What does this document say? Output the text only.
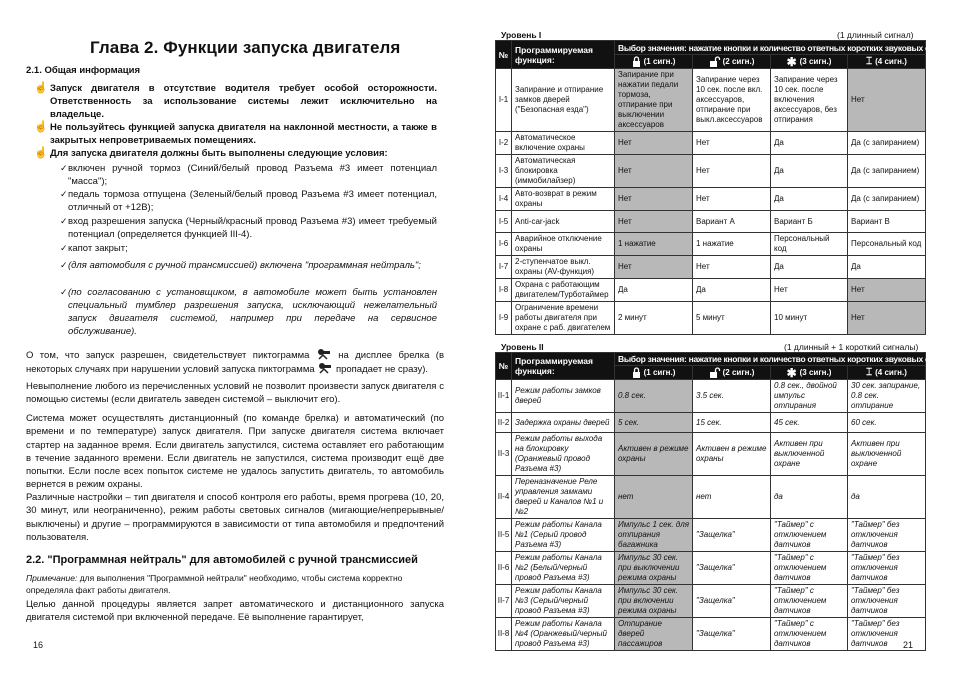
Глава 2. Функции запуска двигателя
2.1. Общая информация
☝ Запуск двигателя в отсутствие водителя требует особой осторожности. Ответственность за использование системы лежит исключительно на владельце.
☝ Не пользуйтесь функцией запуска двигателя на наклонной местности, а также в закрытых непроветриваемых помещениях.
☝ Для запуска двигателя должны быть выполнены следующие условия:
✓ включен ручной тормоз (Синий/белый провод Разъема #3 имеет потенциал "масса");
✓ педаль тормоза отпущена (Зеленый/белый провод Разъема #3 имеет потенциал, отличный от +12В);
✓ вход разрешения запуска (Черный/красный провод Разъема #3) имеет требуемый потенциал (определяется функцией III-4).
✓ капот закрыт;
✓ (для автомобиля с ручной трансмиссией) включена "программная нейтраль";
✓ (по согласованию с установщиком, в автомобиле может быть установлен специальный тумблер разрешения запуска, исключающий нежелательный запуск двигателя системой, например при передаче на сервисное обслуживание).
О том, что запуск разрешен, свидетельствует пиктограмма	на дисплее брелка (в некоторых случаях при нарушении условий запуска пиктограмма пропадает не сразу).
Невыполнение любого из перечисленных условий не позволит произвести запуск двигателя с помощью системы (если двигатель заведен системой – выключит его).
Система может осуществлять дистанционный (по команде брелка) и автоматический (по времени и по температуре) запуск двигателя. При запуске двигателя система включает стартер на заданное время. Если двигатель запустился, система оставляет его работающим в течение заданного времени. Если двигатель не запустился, система производит ещё две попытки. Если после всех попыток системе не удалось запустить двигатель, то автомобиль вернется в режим охраны.
Различные настройки – тип двигателя и способ контроля его работы, время прогрева (10, 20, 30 минут, или неограниченно), режим работы световых сигналов (мигающие/непрерывные/выключены) и другие – программируются в зависимости от типа автомобиля и предпочтений пользователя.
2.2. "Программная нейтраль" для автомобилей с ручной трансмиссией
Примечание: для выполнения "Программной нейтрали" необходимо, чтобы система корректно определяла факт работы двигателя.
Целью данной процедуры является запрет автоматического и дистанционного запуска двигателя системой при включенной передаче. Её выполнение гарантирует,
16
Уровень I	(1 длинный сигнал)
№	Программируемая функция:	Выбор значения: нажатие кнопки и количество ответных коротких звуковых сигналов			

		(1 сигн.)	(2 сигн.)	✱ (3 сигн.)	⌶ (4 сигн.)

I-1	Запирание и отпирание замков дверей ("Безопасная езда")	Запирание при нажатии педали тормоза, отпирание при выключении аксессуаров	Запирание через 10 сек. после вкл. аксессуаров, отпирание при выкл.аксессуаров	Запирание через 10 сек. после включения аксессуаров, без отпирания	Нет
I-2	Автоматическое включение охраны	Нет	Нет	Да	Да (с запиранием)
I-3	Автоматическая блокировка (иммобилайзер)	Нет	Нет	Да	Да (с запиранием)
I-4	Авто-возврат в режим охраны	Нет	Нет	Да	Да (с запиранием)
I-5	Anti-car-jack	Нет	Вариант А	Вариант Б	Вариант В
I-6	Аварийное отключение охраны	1 нажатие	1 нажатие	Персональный код	Персональный код
I-7	2-ступенчатое выкл. охраны (AV-функция)	Нет	Нет	Да	Да
I-8	Охрана с работающим двигателем/Турботаймер	Да	Да	Нет	Нет
I-9	Ограничение времени работы двигателя при охране с раб. двигателем	2 минут	5 минут	10 минут	Нет
Уровень II	(1 длинный + 1 короткий сигналы)
№	Программируемая функция:	Выбор значения: нажатие кнопки и количество ответных коротких звуковых сигналов			

		(1 сигн.)	(2 сигн.)	✱ (3 сигн.)	⌶ (4 сигн.)

II-1	Режим работы замков дверей	0.8 сек.	3.5 сек.	0.8 сек., двойной импульс отпирания	30 сек. запирание, 0.8 сек. отпирание
II-2	Задержка охраны дверей	5 сек.	15 сек.	45 сек.	60 сек.
II-3	Режим работы выхода на блокировку (Оранжевый провод Разъема #3)	Активен в режиме охраны	Активен в режиме охраны	Активен при выключенной охране	Активен при выключенной охране
II-4	Переназначение Реле управления замками дверей и Каналов №1 и №2	нет	нет	да	да
II-5	Режим работы Канала №1 (Серый провод Разъема #3)	Импульс 1 сек. для отпирания багажника	"Защелка"	"Таймер" с отключением датчиков	"Таймер" без отключения датчиков
II-6	Режим работы Канала №2 (Белый/черный провод Разъема #3)	Импульс 30 сек. при выключении режима охраны	"Защелка"	"Таймер" с отключением датчиков	"Таймер" без отключения датчиков
II-7	Режим работы Канала №3 (Серый/черный провод Разъема #3)	Импульс 30 сек. при включении режима охраны	"Защелка"	"Таймер" с отключением датчиков	"Таймер" без отключения датчиков
II-8	Режим работы Канала №4 (Оранжевый/черный провод Разъема #3)	Отпирание дверей пассажиров	"Защелка"	"Таймер" с отключением датчиков	"Таймер" без отключения датчиков 21
